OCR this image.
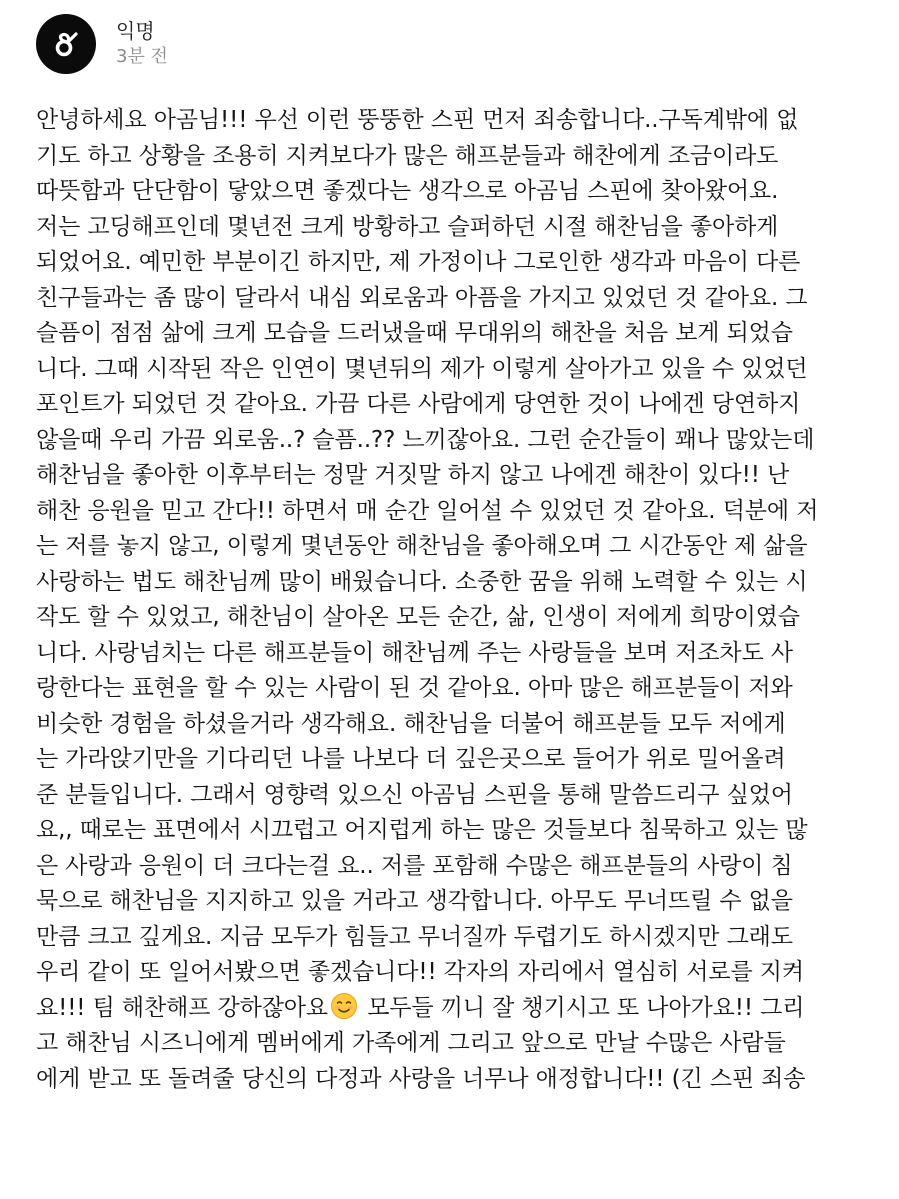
익명
3분 전
안녕하세요 아곰님!!! 우선 이런 뚱뚱한 스핀 먼저 죄송합니다..구독계밖에 없
기도 하고 상황을 조용히 지켜보다가 많은 해프분들과 해찬에게 조금이라도
따뜻함과 단단함이 닿았으면 좋겠다는 생각으로 아곰님 스핀에 찾아왔어요.
저는 고딩해프인데 몇년전 크게 방황하고 슬퍼하던 시절 해찬님을 좋아하게
되었어요. 예민한 부분이긴 하지만, 제 가정이나 그로인한 생각과 마음이 다른
친구들과는 좀 많이 달라서 내심 외로움과 아픔을 가지고 있었던 것 같아요. 그
슬픔이 점점 삶에 크게 모습을 드러냈을때 무대위의 해찬을 처음 보게 되었습
니다. 그때 시작된 작은 인연이 몇년뒤의 제가 이렇게 살아가고 있을 수 있었던
포인트가 되었던 것 같아요. 가끔 다른 사람에게 당연한 것이 나에겐 당연하지
않을때 우리 가끔 외로움..? 슬픔..?? 느끼잖아요. 그런 순간들이 꽤나 많았는데
해찬님을 좋아한 이후부터는 정말 거짓말 하지 않고 나에겐 해찬이 있다!! 난
해찬 응원을 믿고 간다!! 하면서 매 순간 일어설 수 있었던 것 같아요. 덕분에 저
는 저를 놓지 않고, 이렇게 몇년동안 해찬님을 좋아해오며 그 시간동안 제 삶을
사랑하는 법도 해찬님께 많이 배웠습니다. 소중한 꿈을 위해 노력할 수 있는 시
작도 할 수 있었고, 해찬님이 살아온 모든 순간, 삶, 인생이 저에게 희망이였습
니다. 사랑넘치는 다른 해프분들이 해찬님께 주는 사랑들을 보며 저조차도 사
랑한다는 표현을 할 수 있는 사람이 된 것 같아요. 아마 많은 해프분들이 저와
비슷한 경험을 하셨을거라 생각해요. 해찬님을 더불어 해프분들 모두 저에게
는 가라앉기만을 기다리던 나를 나보다 더 깊은곳으로 들어가 위로 밀어올려
준 분들입니다. 그래서 영향력 있으신 아곰님 스핀을 통해 말씀드리구 싶었어
요,, 때로는 표면에서 시끄럽고 어지럽게 하는 많은 것들보다 침묵하고 있는 많
은 사랑과 응원이 더 크다는걸 요.. 저를 포함해 수많은 해프분들의 사랑이 침
묵으로 해찬님을 지지하고 있을 거라고 생각합니다. 아무도 무너뜨릴 수 없을
만큼 크고 깊게요. 지금 모두가 힘들고 무너질까 두렵기도 하시겠지만 그래도
우리 같이 또 일어서봤으면 좋겠습니다!! 각자의 자리에서 열심히 서로를 지켜
요!!! 팀 해찬해프 강하잖아요 모두들 끼니 잘 챙기시고 또 나아가요!! 그리
고 해찬님 시즈니에게 멤버에게 가족에게 그리고 앞으로 만날 수많은 사람들
에게 받고 또 돌려줄 당신의 다정과 사랑을 너무나 애정합니다!! (긴 스핀 죄송
